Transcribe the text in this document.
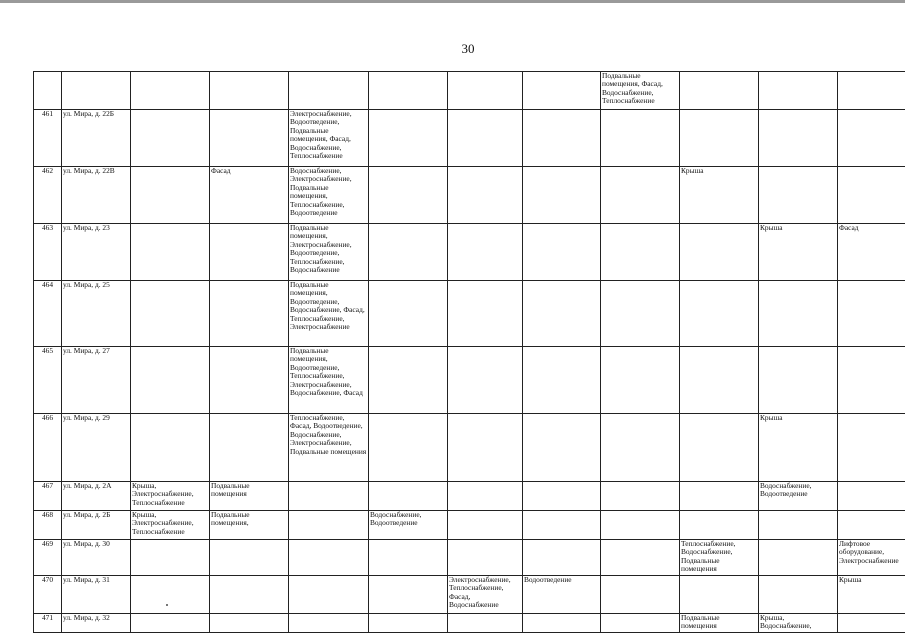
30
								Подвальные помещения, Фасад, Водоснабжение, Теплоснабжение			
461	ул. Мира, д. 22Б			Электроснабжение, Водоотведение, Подвальные помещения, Фасад, Водоснабжение, Теплоснабжение							
462	ул. Мира, д. 22В		Фасад	Водоснабжение, Электроснабжение, Подвальные помещения, Теплоснабжение, Водоотведение					Крыша		
463	ул. Мира, д. 23			Подвальные помещения, Электроснабжение, Водоотведение, Теплоснабжение, Водоснабжение						Крыша	Фасад
464	ул. Мира, д. 25			Подвальные помещения, Водоотведение, Водоснабжение, Фасад, Теплоснабжение, Электроснабжение							
465	ул. Мира, д. 27			Подвальные помещения, Водоотведение, Теплоснабжение, Электроснабжение, Водоснабжение, Фасад							
466	ул. Мира, д. 29			Теплоснабжение, Фасад, Водоотведение, Водоснабжение, Электроснабжение, Подвальные помещения						Крыша	
467	ул. Мира, д. 2А	Крыша, Электроснабжение, Теплоснабжение	Подвальные помещения							Водоснабжение, Водоотведение	
468	ул. Мира, д. 2Б	Крыша, Электроснабжение, Теплоснабжение	Подвальные помещения,		Водоснабжение, Водоотведение						
469	ул. Мира, д. 30								Теплоснабжение, Водоснабжение, Подвальные помещения		Лифтовое оборудование, Электроснабжение
470	ул. Мира, д. 31					Электроснабжение, Теплоснабжение, Фасад, Водоснабжение	Водоотведение				Крыша
471	ул. Мира, д. 32								Подвальные помещения	Крыша, Водоснабжение,	
